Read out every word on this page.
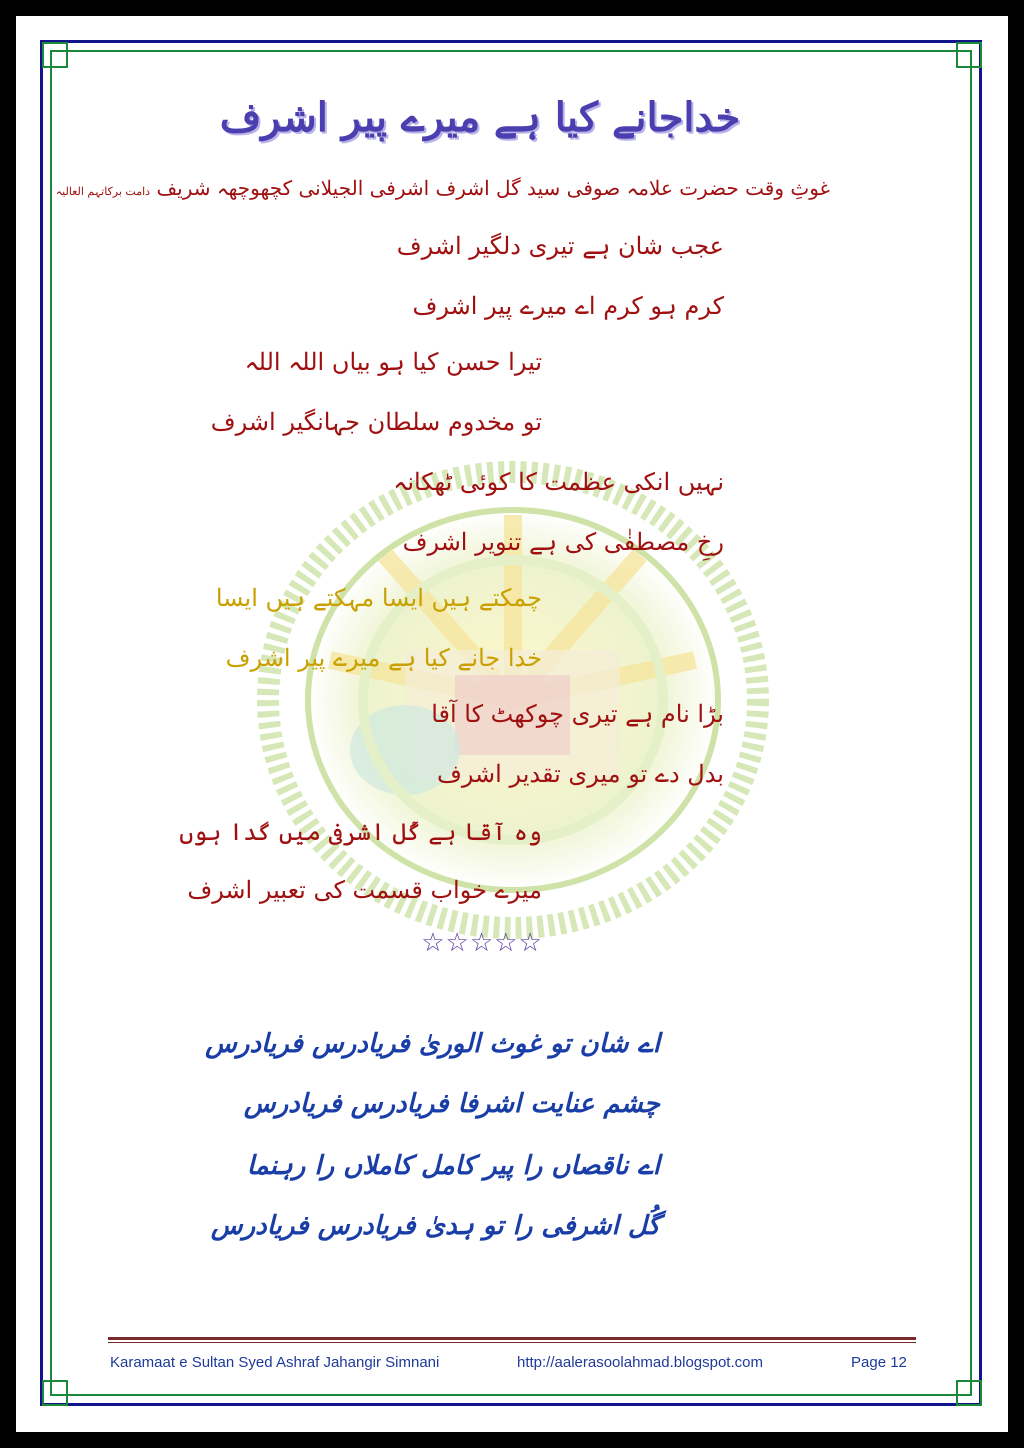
خداجانے کیا ہے میرے پیر اشرف
غوثِ وقت حضرت علامہ صوفی سید گل اشرف اشرفی الجیلانی کچھوچھہ شریف دامت برکاتہم العالیہ
عجب شان ہے تیری دلگیر اشرف
کرم ہو کرم اے میرے پیر اشرف
تیرا حسن کیا ہو بیاں اللہ اللہ
تو مخدوم سلطان جہانگیر اشرف
نہیں انکی عظمت کا کوئی ٹھکانہ
رخِ مصطفٰی کی ہے تنویر اشرف
چمکتے ہیں ایسا مہکتے ہیں ایسا
خدا جانے کیا ہے میرے پیر اشرف
بڑا نام ہے تیری چوکھٹ کا آقا
بدل دے تو میری تقدیر اشرف
وہ آقا ہے گُل اشرفی میں گدا ہوں
میرے خواب قسمت کی تعبیر اشرف
☆☆☆☆☆
اے شان تو غوث الوریٰ فریادرس فریادرس
چشم عنایت اشرفا فریادرس فریادرس
اے ناقصاں را پیر کامل کاملاں را رہنما
گُل اشرفی را تو ہدیٰ فریادرس فریادرس
Karamaat e Sultan Syed Ashraf Jahangir Simnani	http://aalerasoolahmad.blogspot.com	Page 12
